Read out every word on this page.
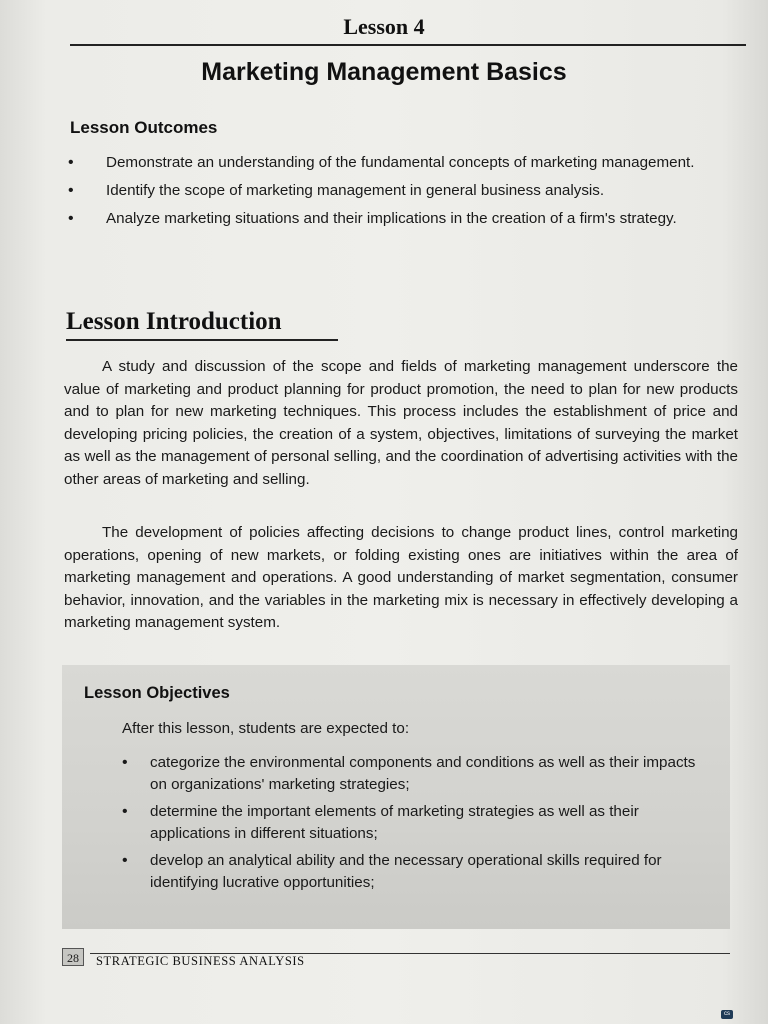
Lesson 4
Marketing Management Basics
Lesson Outcomes
• Demonstrate an understanding of the fundamental concepts of marketing management.
• Identify the scope of marketing management in general business analysis.
• Analyze marketing situations and their implications in the creation of a firm's strategy.
Lesson Introduction

A study and discussion of the scope and fields of marketing management underscore the value of marketing and product planning for product promotion, the need to plan for new products and to plan for new marketing techniques. This process includes the establishment of price and developing pricing policies, the creation of a system, objectives, limitations of surveying the market as well as the management of personal selling, and the coordination of advertising activities with the other areas of marketing and selling.

The development of policies affecting decisions to change product lines, control marketing operations, opening of new markets, or folding existing ones are initiatives within the area of marketing management and operations. A good understanding of market segmentation, consumer behavior, innovation, and the variables in the marketing mix is necessary in effectively developing a marketing management system.

Lesson Objectives
After this lesson, students are expected to:
• categorize the environmental components and conditions as well as their impacts on organizations' marketing strategies;
• determine the important elements of marketing strategies as well as their applications in different situations;
• develop an analytical ability and the necessary operational skills required for identifying lucrative opportunities;
28	STRATEGIC BUSINESS ANALYSIS
cs
